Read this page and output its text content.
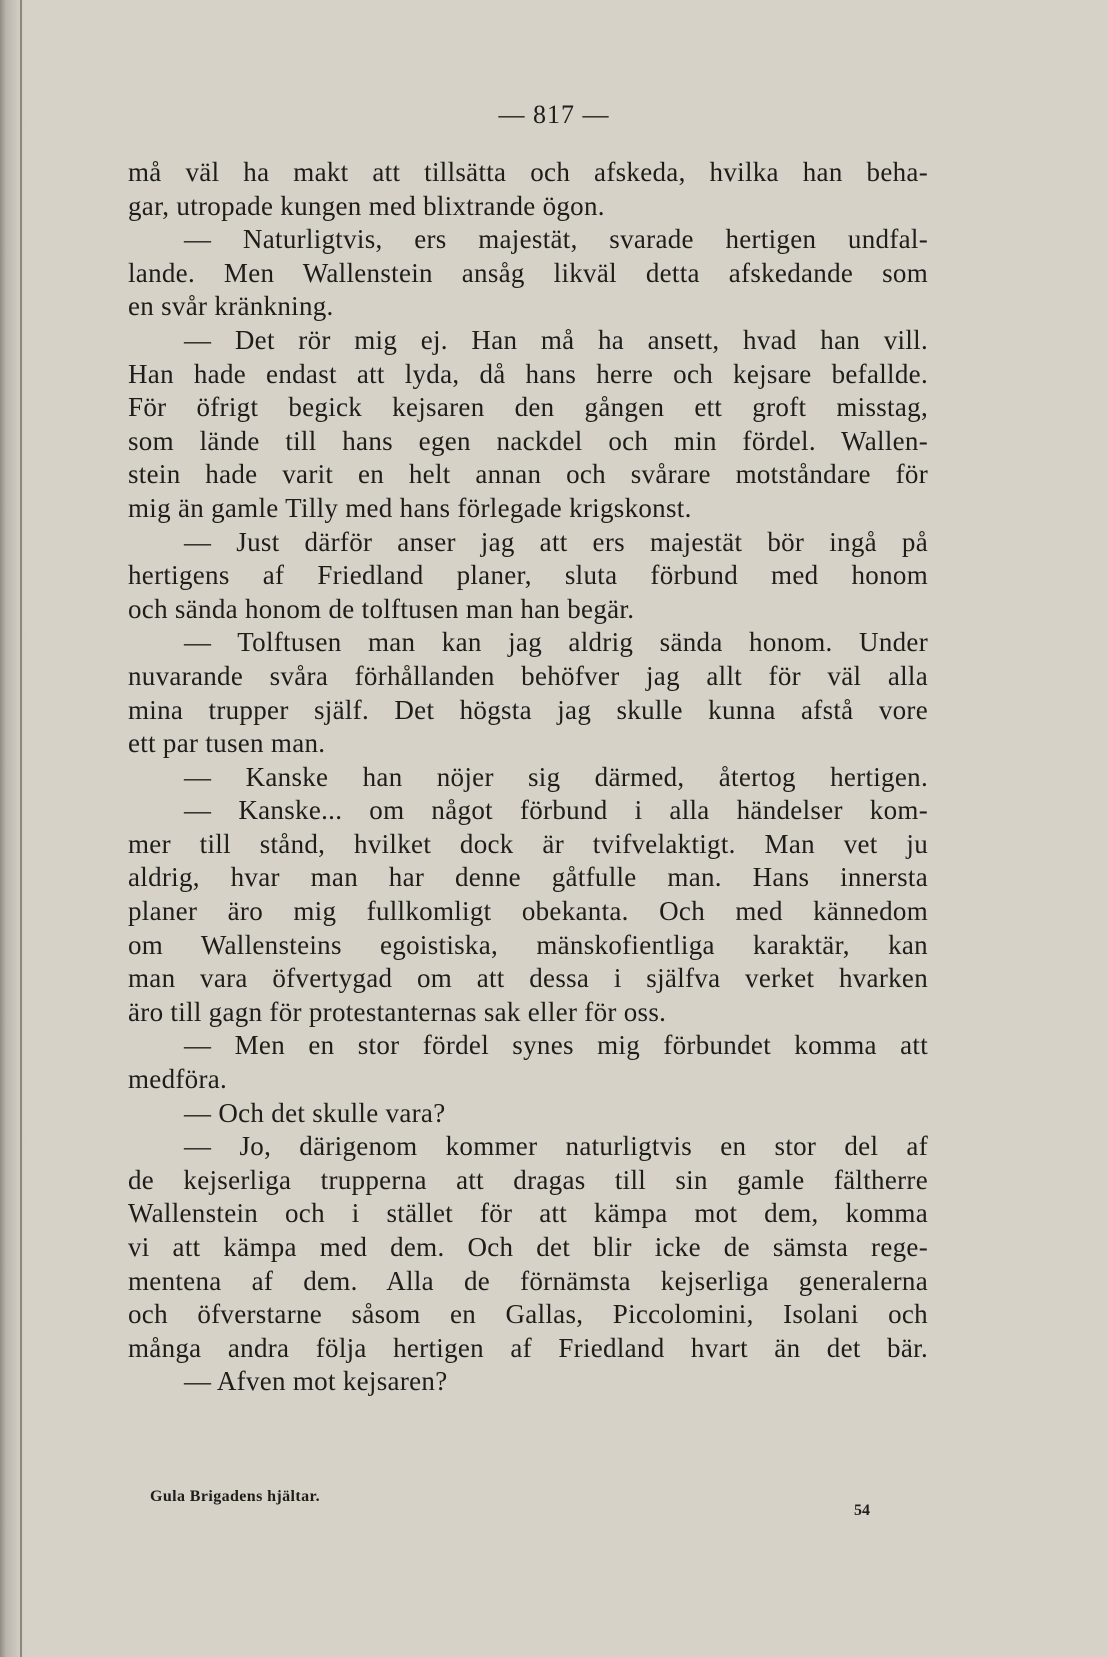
— 817 —

må väl ha makt att tillsätta och afskeda, hvilka han beha-

gar, utropade kungen med blixtrande ögon.

— Naturligtvis, ers majestät, svarade hertigen undfal-

lande. Men Wallenstein ansåg likväl detta afskedande som

en svår kränkning.

— Det rör mig ej. Han må ha ansett, hvad han vill.

Han hade endast att lyda, då hans herre och kejsare befallde.

För öfrigt begick kejsaren den gången ett groft misstag,

som lände till hans egen nackdel och min fördel. Wallen-

stein hade varit en helt annan och svårare motståndare för

mig än gamle Tilly med hans förlegade krigskonst.

— Just därför anser jag att ers majestät bör ingå på

hertigens af Friedland planer, sluta förbund med honom

och sända honom de tolftusen man han begär.

— Tolftusen man kan jag aldrig sända honom. Under

nuvarande svåra förhållanden behöfver jag allt för väl alla

mina trupper själf. Det högsta jag skulle kunna afstå vore

ett par tusen man.

— Kanske han nöjer sig därmed, återtog hertigen.

— Kanske... om något förbund i alla händelser kom-

mer till stånd, hvilket dock är tvifvelaktigt. Man vet ju

aldrig, hvar man har denne gåtfulle man. Hans innersta

planer äro mig fullkomligt obekanta. Och med kännedom

om Wallensteins egoistiska, mänskofientliga karaktär, kan

man vara öfvertygad om att dessa i själfva verket hvarken

äro till gagn för protestanternas sak eller för oss.

— Men en stor fördel synes mig förbundet komma att

medföra.

— Och det skulle vara?

— Jo, därigenom kommer naturligtvis en stor del af

de kejserliga trupperna att dragas till sin gamle fältherre

Wallenstein och i stället för att kämpa mot dem, komma

vi att kämpa med dem. Och det blir icke de sämsta rege-

mentena af dem. Alla de förnämsta kejserliga generalerna

och öfverstarne såsom en Gallas, Piccolomini, Isolani och

många andra följa hertigen af Friedland hvart än det bär.

— Afven mot kejsaren?

Gula Brigadens hjältar.
54
